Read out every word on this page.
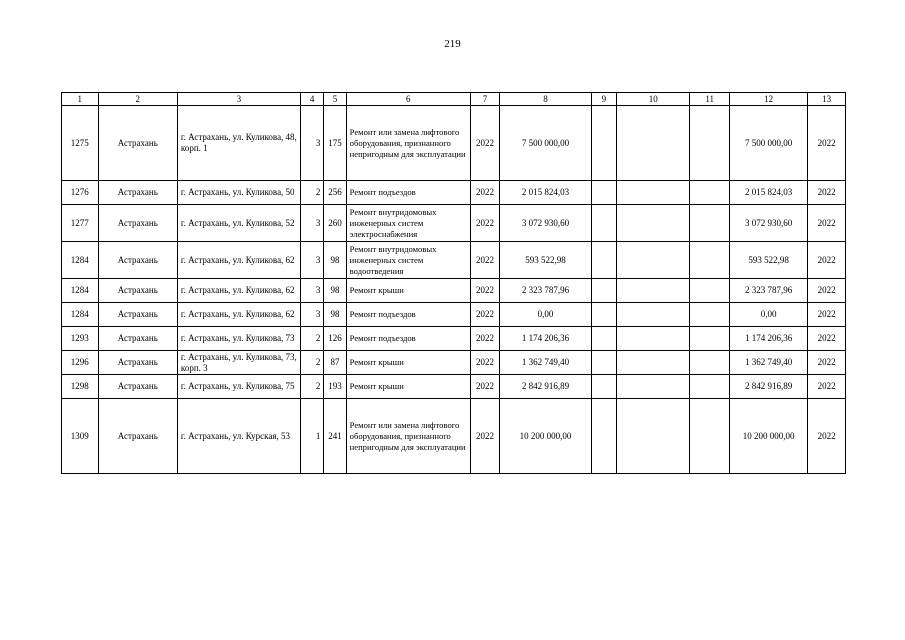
219
1	2	3	4	5	6	7	8	9	10	11	12	13
1275	Астрахань	г. Астрахань, ул. Куликова, 48, корп. 1	3	175	Ремонт или замена лифтового оборудования, признанного непригодным для эксплуатации	2022	7 500 000,00				7 500 000,00	2022
1276	Астрахань	г. Астрахань, ул. Куликова, 50	2	256	Ремонт подъездов	2022	2 015 824,03				2 015 824,03	2022
1277	Астрахань	г. Астрахань, ул. Куликова, 52	3	260	Ремонт внутридомовых инженерных систем электроснабжения	2022	3 072 930,60				3 072 930,60	2022
1284	Астрахань	г. Астрахань, ул. Куликова, 62	3	98	Ремонт внутридомовых инженерных систем водоотведения	2022	593 522,98				593 522,98	2022
1284	Астрахань	г. Астрахань, ул. Куликова, 62	3	98	Ремонт крыши	2022	2 323 787,96				2 323 787,96	2022
1284	Астрахань	г. Астрахань, ул. Куликова, 62	3	98	Ремонт подъездов	2022	0,00				0,00	2022
1293	Астрахань	г. Астрахань, ул. Куликова, 73	2	126	Ремонт подъездов	2022	1 174 206,36				1 174 206,36	2022
1296	Астрахань	г. Астрахань, ул. Куликова, 73, корп. 3	2	87	Ремонт крыши	2022	1 362 749,40				1 362 749,40	2022
1298	Астрахань	г. Астрахань, ул. Куликова, 75	2	193	Ремонт крыши	2022	2 842 916,89				2 842 916,89	2022
1309	Астрахань	г. Астрахань, ул. Курская, 53	1	241	Ремонт или замена лифтового оборудования, признанного непригодным для эксплуатации	2022	10 200 000,00				10 200 000,00	2022
